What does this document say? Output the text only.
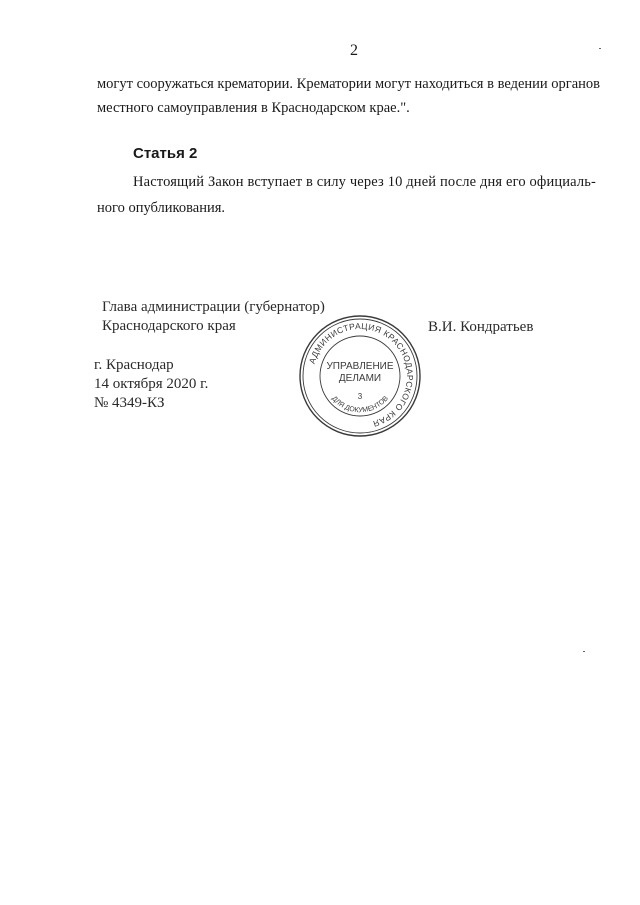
2
могут сооружаться крематории. Крематории могут находиться в ведении органов
местного самоуправления в Краснодарском крае.".
Статья 2
Настоящий Закон вступает в силу через 10 дней после дня его официаль-
ного опубликования.
Глава администрации (губернатор)
Краснодарского края	В.И. Кондратьев
г. Краснодар
14 октября 2020 г.
№ 4349-КЗ
АДМИНИСТРАЦИЯ КРАСНОДАРСКОГО КРАЯ
ДЛЯ ДОКУМЕНТОВ
УПРАВЛЕНИЕ
ДЕЛАМИ
3
